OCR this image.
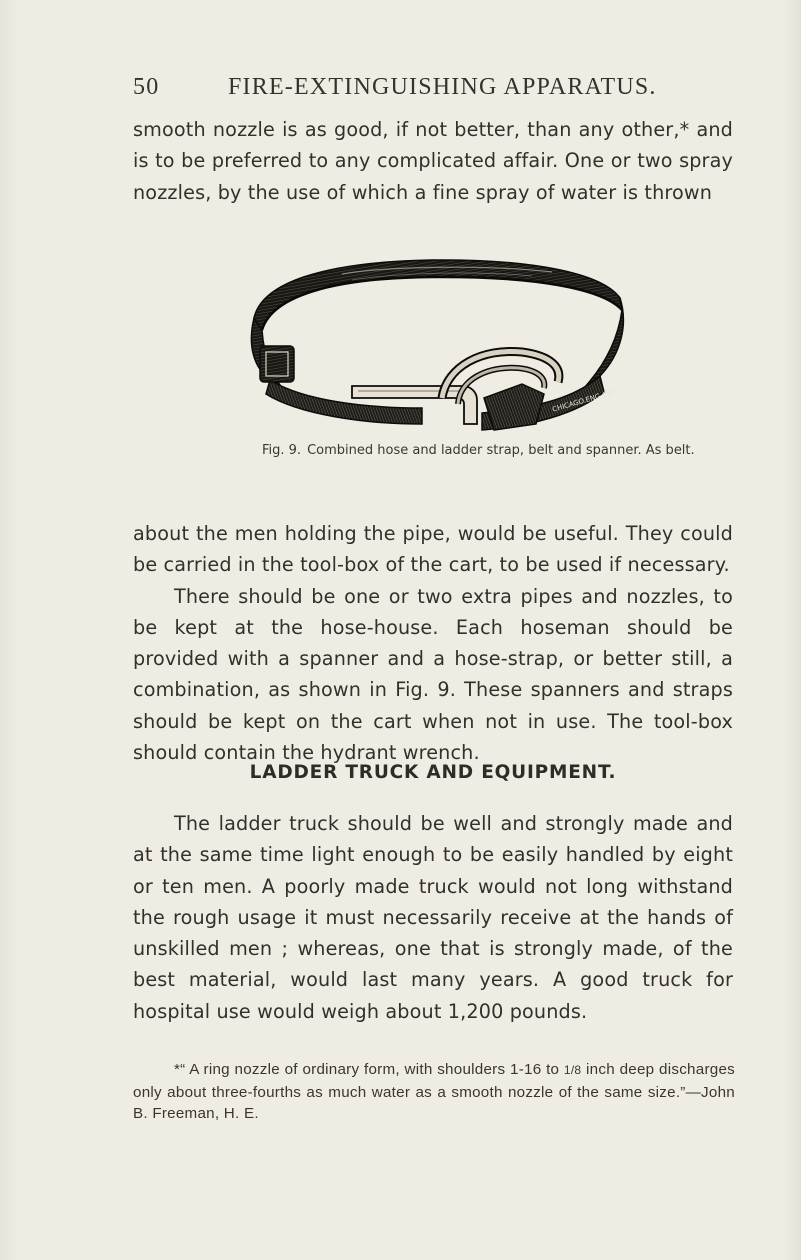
50	FIRE-EXTINGUISHING APPARATUS.

smooth nozzle is as good, if not better, than any other,* and is to be preferred to any complicated affair. One or two spray nozzles, by the use of which a fine spray of water is thrown

CHICAGO.ENG.CO.
Fig. 9. Combined hose and ladder strap, belt and spanner. As belt.

about the men holding the pipe, would be useful. They could be carried in the tool-box of the cart, to be used if necessary.

There should be one or two extra pipes and nozzles, to be kept at the hose-house. Each hoseman should be provided with a spanner and a hose-strap, or better still, a combination, as shown in Fig. 9. These spanners and straps should be kept on the cart when not in use. The tool-box should contain the hydrant wrench.

LADDER TRUCK AND EQUIPMENT.

The ladder truck should be well and strongly made and at the same time light enough to be easily handled by eight or ten men. A poorly made truck would not long withstand the rough usage it must necessarily receive at the hands of unskilled men ; whereas, one that is strongly made, of the best material, would last many years. A good truck for hospital use would weigh about 1,200 pounds.

*“ A ring nozzle of ordinary form, with shoulders 1-16 to 1/8 inch deep discharges only about three-fourths as much water as a smooth nozzle of the same size.”—John B. Freeman, H. E.
